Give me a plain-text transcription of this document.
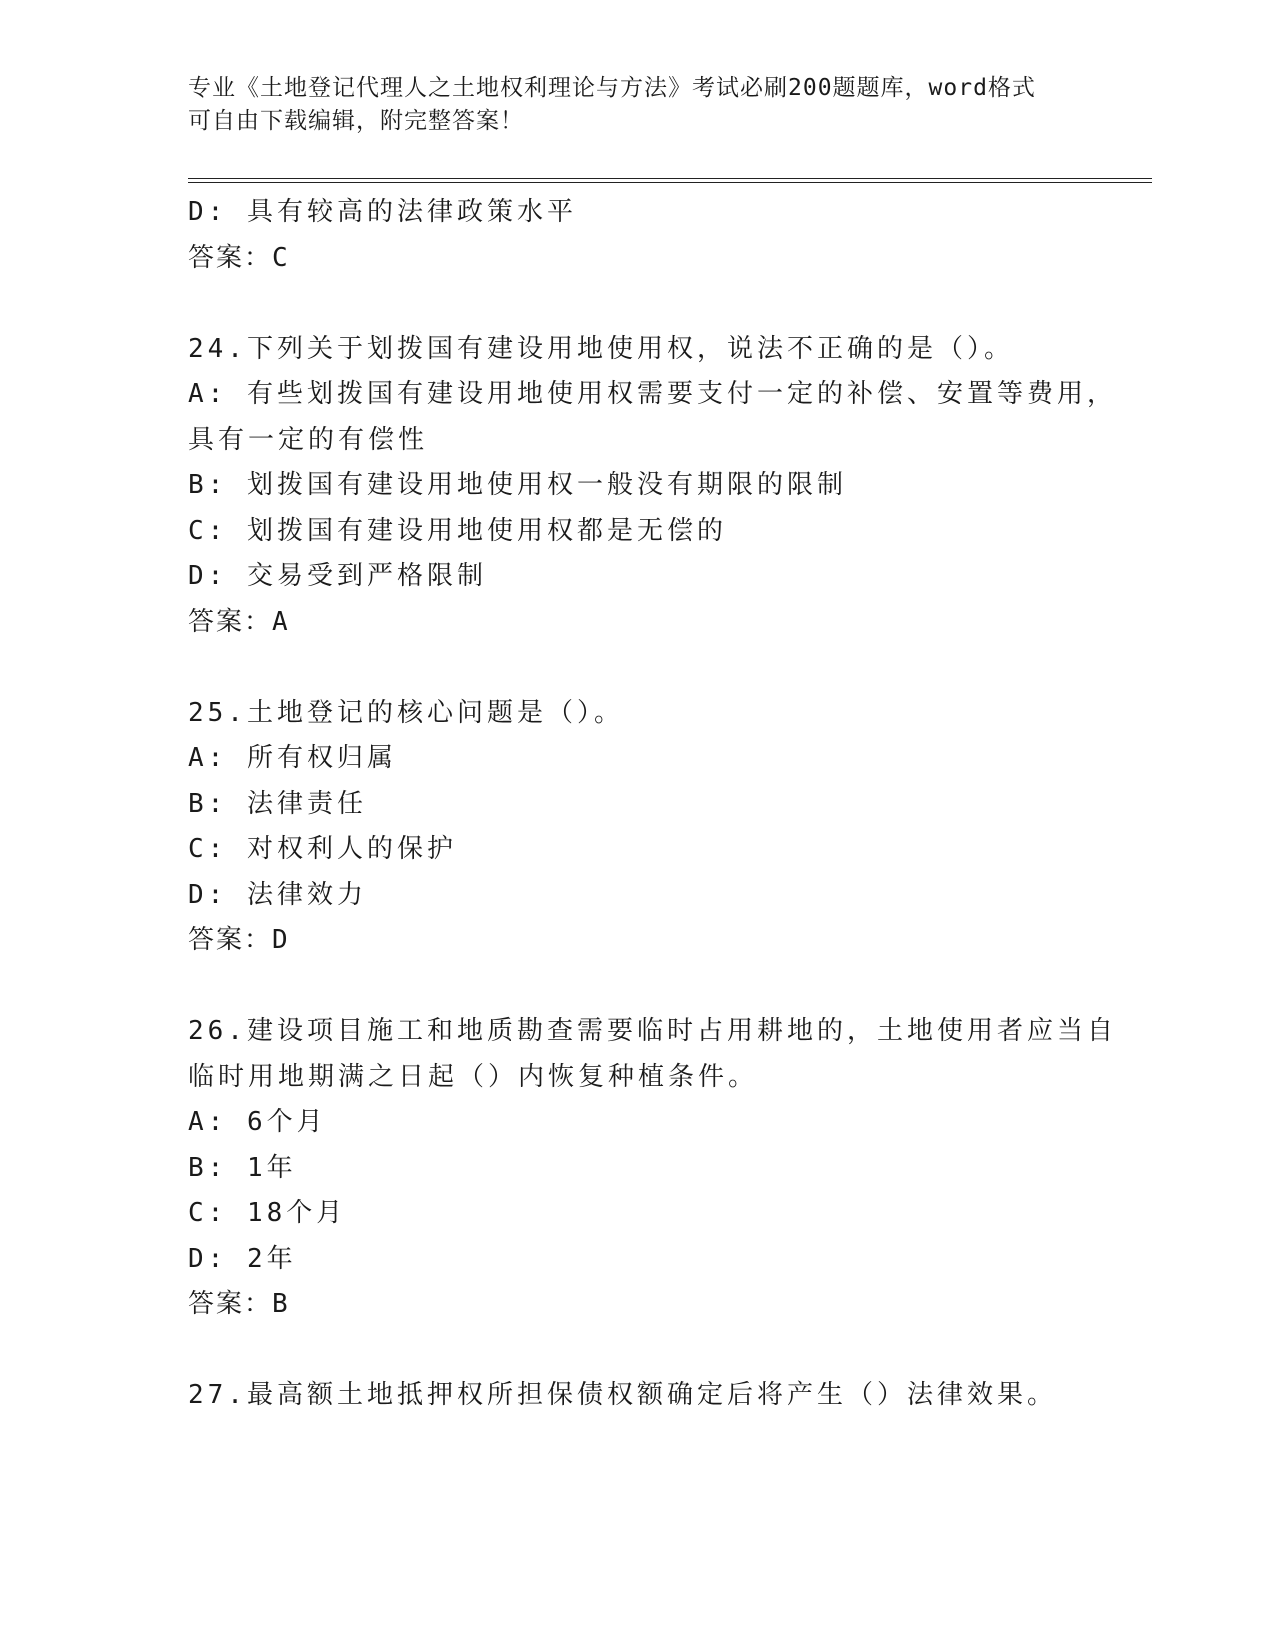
专业《土地登记代理人之土地权利理论与方法》考试必刷200题题库，word格式
可自由下载编辑，附完整答案！
D: 具有较高的法律政策水平
答案：C
24.下列关于划拨国有建设用地使用权，说法不正确的是（）。
A: 有些划拨国有建设用地使用权需要支付一定的补偿、安置等费用，
具有一定的有偿性
B: 划拨国有建设用地使用权一般没有期限的限制
C: 划拨国有建设用地使用权都是无偿的
D: 交易受到严格限制
答案：A
25.土地登记的核心问题是（）。
A: 所有权归属
B: 法律责任
C: 对权利人的保护
D: 法律效力
答案：D
26.建设项目施工和地质勘查需要临时占用耕地的，土地使用者应当自
临时用地期满之日起（）内恢复种植条件。
A: 6个月
B: 1年
C: 18个月
D: 2年
答案：B
27.最高额土地抵押权所担保债权额确定后将产生（）法律效果。
